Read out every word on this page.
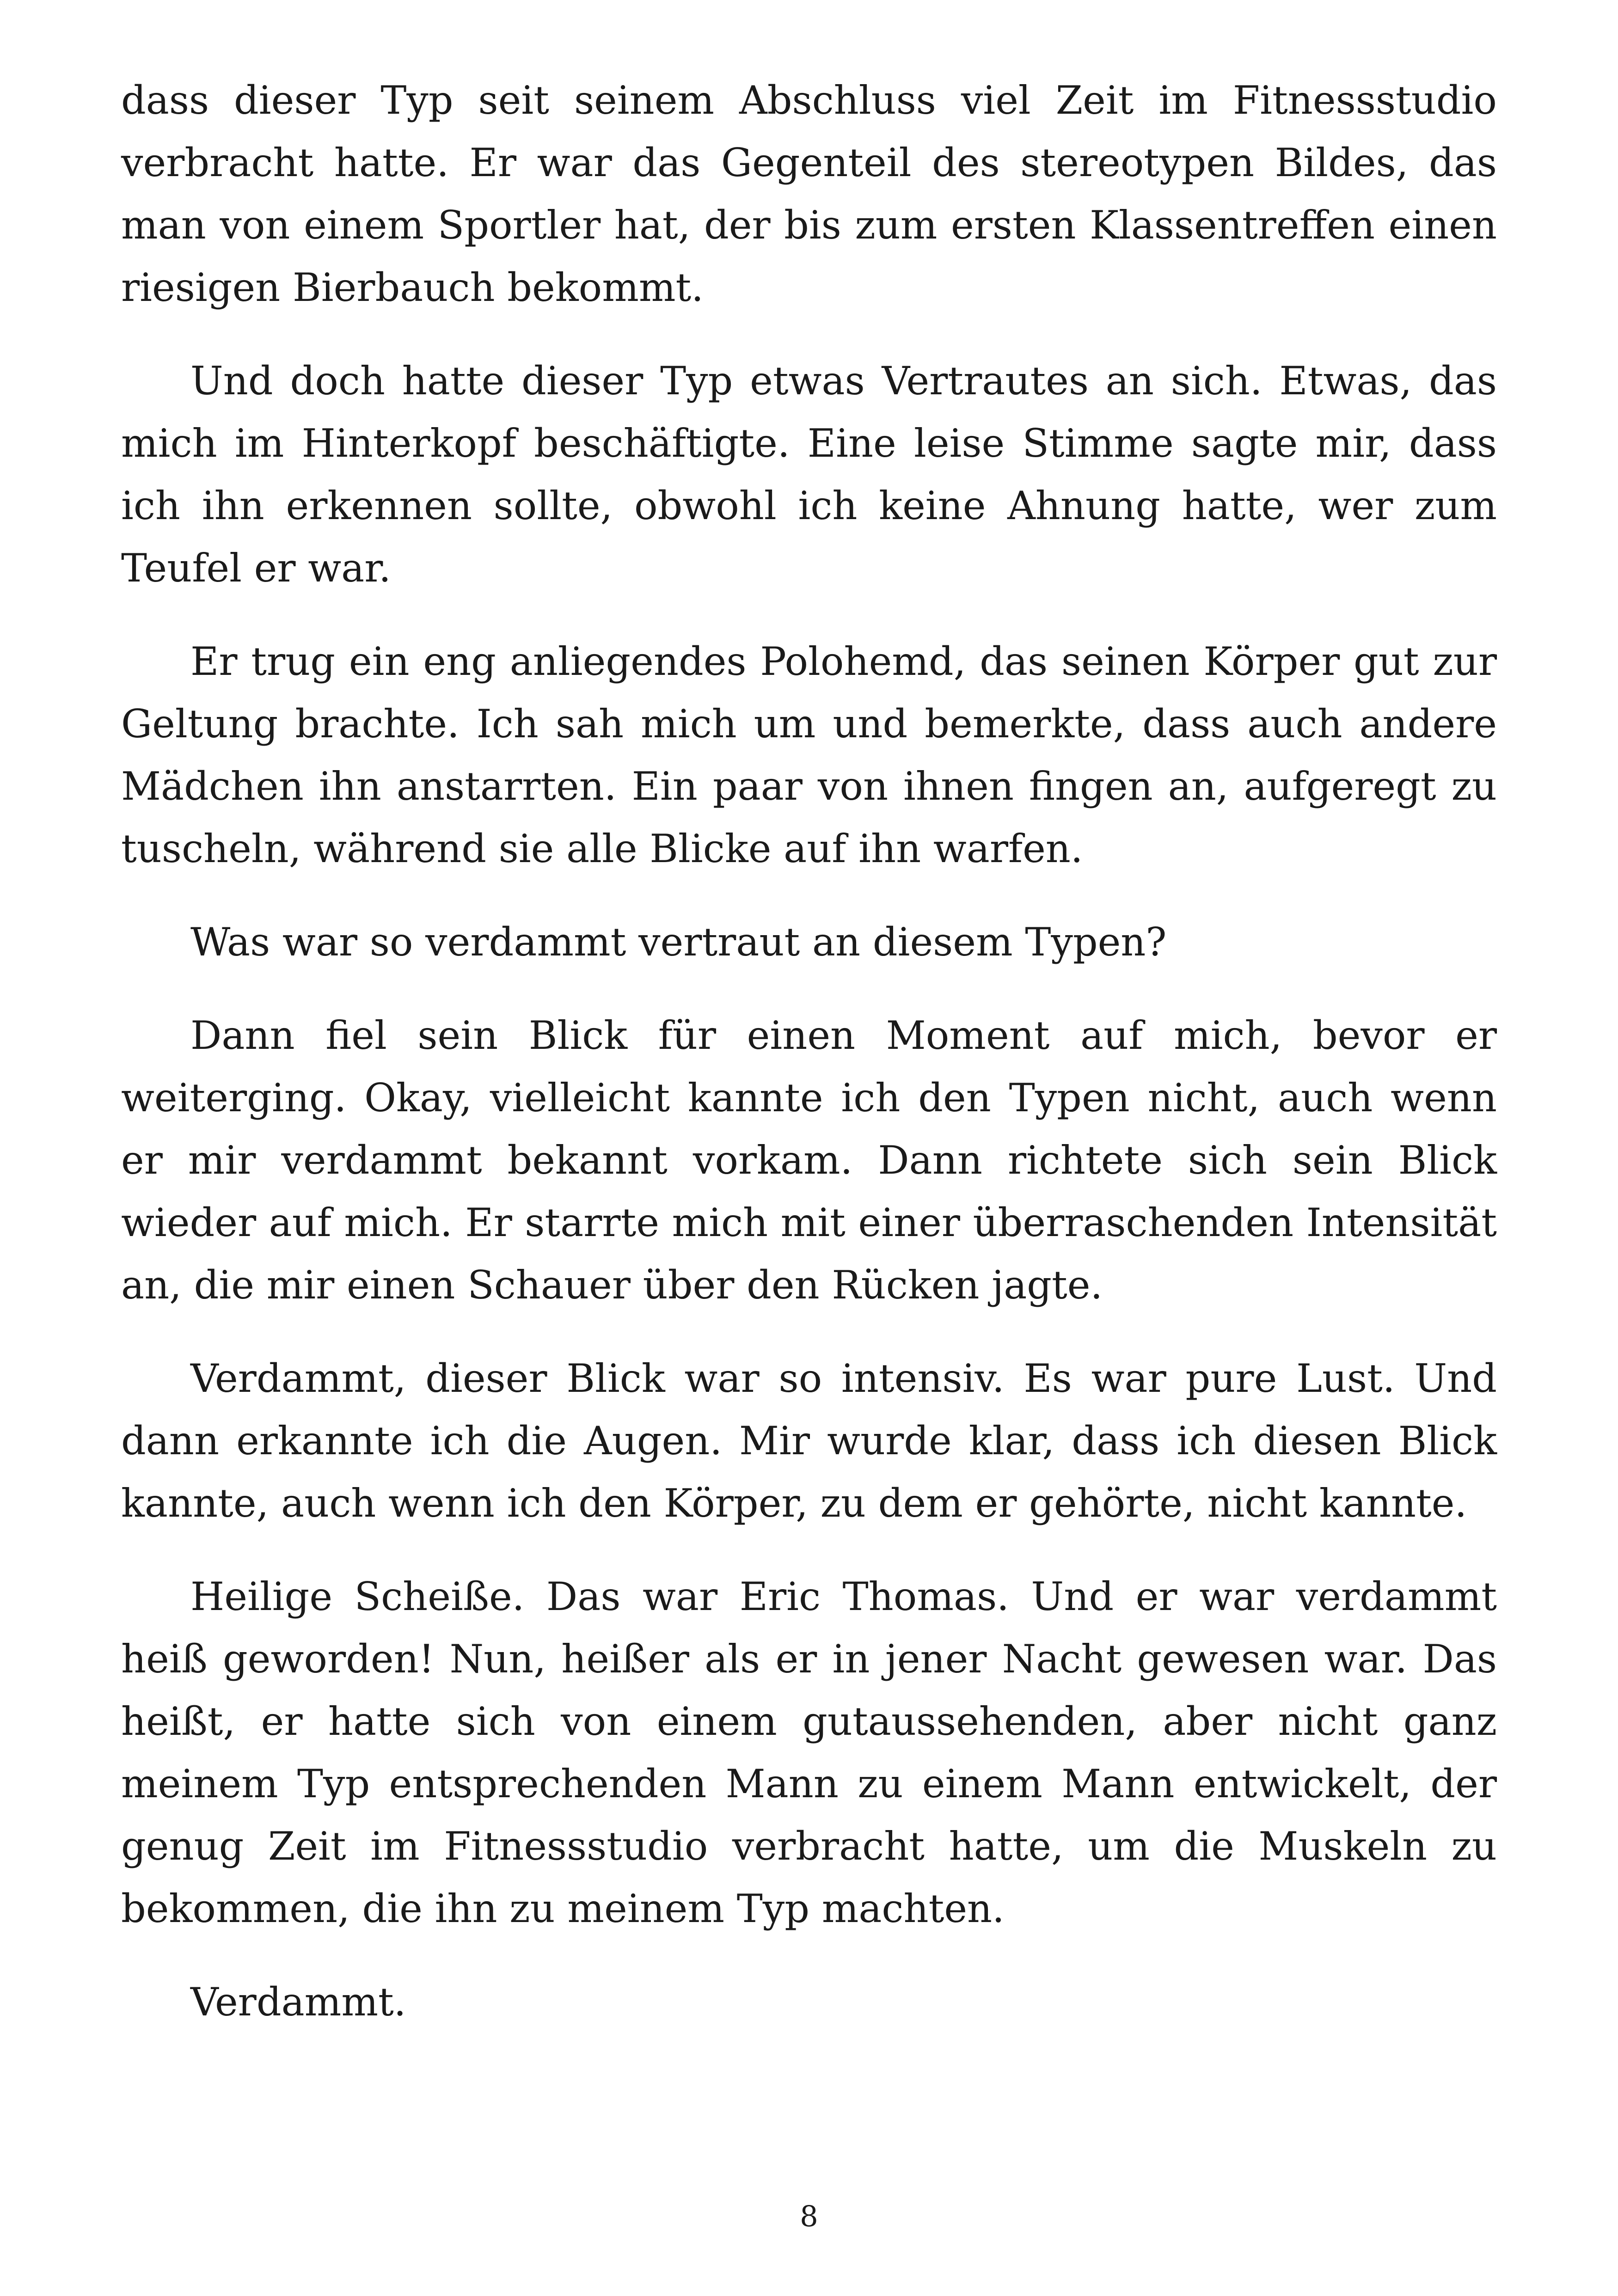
dass dieser Typ seit seinem Abschluss viel Zeit im Fitnessstudio verbracht hatte. Er war das Gegenteil des stereotypen Bildes, das man von einem Sportler hat, der bis zum ersten Klassentreffen einen riesigen Bierbauch bekommt.

Und doch hatte dieser Typ etwas Vertrautes an sich. Etwas, das mich im Hinterkopf beschäftigte. Eine leise Stimme sagte mir, dass ich ihn erkennen sollte, obwohl ich keine Ahnung hatte, wer zum Teufel er war.

Er trug ein eng anliegendes Polohemd, das seinen Körper gut zur Geltung brachte. Ich sah mich um und bemerkte, dass auch andere Mädchen ihn anstarrten. Ein paar von ihnen fingen an, aufgeregt zu tuscheln, während sie alle Blicke auf ihn warfen.

Was war so verdammt vertraut an diesem Typen?

Dann fiel sein Blick für einen Moment auf mich, bevor er weiterging. Okay, vielleicht kannte ich den Typen nicht, auch wenn er mir verdammt bekannt vorkam. Dann richtete sich sein Blick wieder auf mich. Er starrte mich mit einer überraschenden Intensität an, die mir einen Schauer über den Rücken jagte.

Verdammt, dieser Blick war so intensiv. Es war pure Lust. Und dann erkannte ich die Augen. Mir wurde klar, dass ich diesen Blick kannte, auch wenn ich den Körper, zu dem er gehörte, nicht kannte.

Heilige Scheiße. Das war Eric Thomas. Und er war verdammt heiß geworden! Nun, heißer als er in jener Nacht gewesen war. Das heißt, er hatte sich von einem gutaussehenden, aber nicht ganz meinem Typ entsprechenden Mann zu einem Mann entwickelt, der genug Zeit im Fitnessstudio verbracht hatte, um die Muskeln zu bekommen, die ihn zu meinem Typ machten.

Verdammt.

8
